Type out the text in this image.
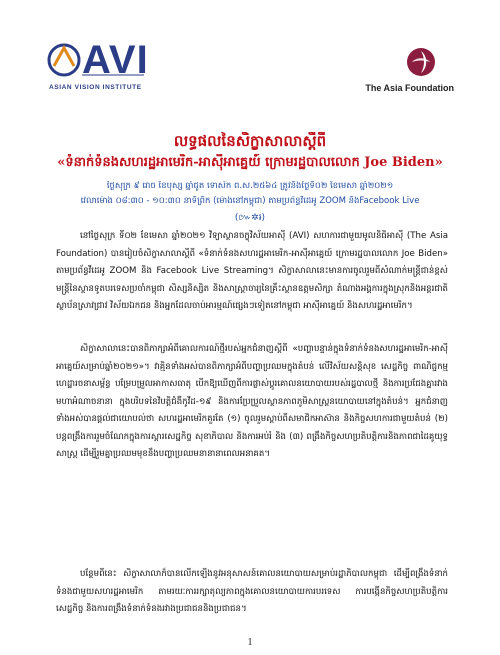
AVI
ASIAN VISION INSTITUTE	The Asia Foundation
លទ្ធផលនៃសិក្ខាសាលាស្តីពី
«ទំនាក់ទំនងសហរដ្ឋអាមេរិក-អាស៊ីអាគ្នេយ៍ ក្រោមរដ្ឋបាលលោក Joe Biden»
ថ្ងៃសុក្រ ៩ រោច ខែបុស្ស ឆ្នាំជូត ទោស័ក ព.ស.២៥៦៤ ត្រូវនឹងថ្ងៃទី០២ ខែមេសា ឆ្នាំ២០២១
វេលាម៉ោង ០៨:៣០ - ១០:៣០ នាទីព្រឹក (ម៉ោងនៅកម្ពុជា) តាមប្រព័ន្ធវីដេអូ ZOOM និងFacebook Live
(៚✲៛)
នៅថ្ងៃសុក្រ ទី០២ ខែមេសា ឆ្នាំ២០២១ វិទ្យាស្ថានចក្ខុវិស័យអាស៊ី (AVI) សហការជាមួយមូលនិធិអាស៊ី (The Asia Foundation) បានរៀបចំសិក្ខាសាលាស្តីពី «ទំនាក់ទំនងសហរដ្ឋអាមេរិក-អាស៊ីអាគ្នេយ៍ ក្រោមរដ្ឋបាលលោក Joe Biden» តាមប្រព័ន្ធវីដេអូ ZOOM និង Facebook Live Streaming។ សិក្ខាសាលានេះមានការចូលរួមពីសំណាក់មន្ត្រីជាន់ខ្ពស់ មន្ត្រីនៃស្ថានទូតបរទេសប្រចាំកម្ពុជា សិស្សនិស្សិត និងសាស្ត្រាចារ្យនៃគ្រឹះស្ថានឧត្តមសិក្សា តំណាងអង្គការក្នុងស្រុកនិងអន្តរជាតិ ស្ថាប័នស្រាវជ្រាវ វិស័យឯកជន និងអ្នកដែលចាប់អារម្មណ៍ផ្សេងៗទៀតនៅកម្ពុជា អាស៊ីអាគ្នេយ៍ និងសហរដ្ឋអាមេរិក។
សិក្ខាសាលានេះបានពិភាក្សាអំពីគោលការណ៍ថ្មីរបស់អ្នកជំនាញស្តីពី «បញ្ហាបន្ទាន់ក្នុងទំនាក់ទំនងសហរដ្ឋអាមេរិក-អាស៊ីអាគ្នេយ៍សម្រាប់ឆ្នាំ២០២១»។ វាគ្មិនទាំងអស់បានពិភាក្សាអំពីបញ្ហាប្រឈមក្នុងតំបន់ លើវិស័យសន្តិសុខ សេដ្ឋកិច្ច ពាណិជ្ជកម្ម ហេដ្ឋារចនាសម្ព័ន្ធ បម្រែបម្រួលអាកាសធាតុ បើកឱ្យឃើញពីការផ្លាស់ប្តូរគោលនយោបាយរបស់រដ្ឋបាលថ្មី និងការប្រជែងគ្នារវាងមហាអំណាចនានា ក្នុងបរិបទនៃវិបត្តិជំងឺកូវីដ-១៩ និងការប្រែប្រួលស្ថានភាពភូមិសាស្ត្រនយោបាយនៅក្នុងតំបន់។ អ្នកជំនាញទាំងអស់បានផ្តល់ជាយោបល់ថា សហរដ្ឋអាមេរិកគួរតែ (១) ចូលរួមស្តាប់ពីសមាជិកអាស៊ាន និងកិច្ចសហការជាមួយតំបន់ (២) បន្តពង្រឹងការរួមចំណែកក្នុងការស្តារសេដ្ឋកិច្ច សុខាភិបាល និងការអប់រំ និង (៣) ពង្រឹងកិច្ចសហប្រតិបត្តិការនិងភាពជាដៃគូយុទ្ធសាស្ត្រ ដើម្បីរួមគ្នាប្រឈមមុខនឹងបញ្ហាប្រឈមនានានាពេលអនាគត។
បន្ថែមពីនេះ សិក្ខាសាលាក៏បានលើកឡើងនូវអនុសាសន៍គោលនយោបាយសម្រាប់រដ្ឋាភិបាលកម្ពុជា ដើម្បីពង្រឹងទំនាក់ទំនងជាមួយសហរដ្ឋអាមេរិក តាមរយៈការរក្សាតុល្យភាពក្នុងគោលនយោបាយការបរទេស ការបង្កើនកិច្ចសហប្រតិបត្តិការសេដ្ឋកិច្ច និងការពង្រឹងទំនាក់ទំនងរវាងប្រជាជននិងប្រជាជន។
1
